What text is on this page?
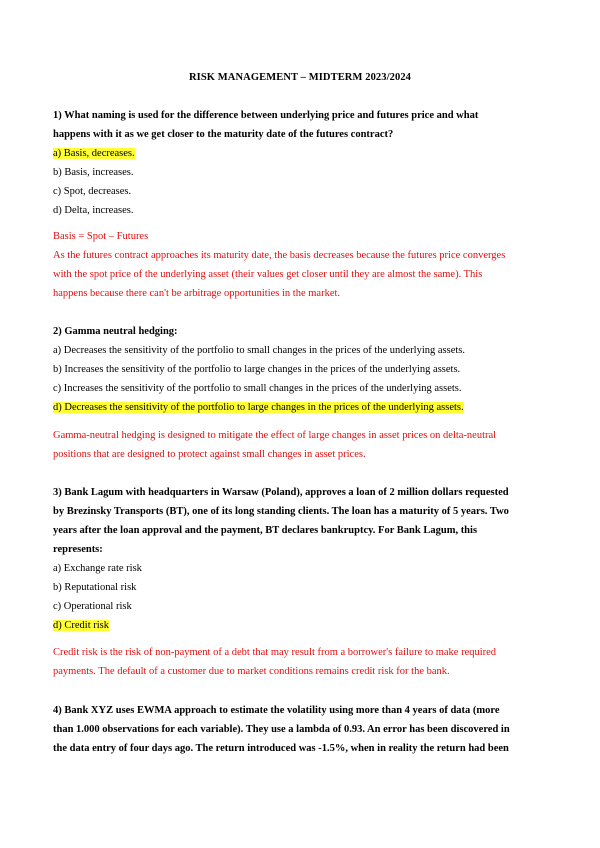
RISK MANAGEMENT – MIDTERM 2023/2024
1) What naming is used for the difference between underlying price and futures price and what
happens with it as we get closer to the maturity date of the futures contract?
a) Basis, decreases.
b) Basis, increases.
c) Spot, decreases.
d) Delta, increases.
Basis = Spot – Futures
As the futures contract approaches its maturity date, the basis decreases because the futures price converges
with the spot price of the underlying asset (their values get closer until they are almost the same). This
happens because there can't be arbitrage opportunities in the market.
2) Gamma neutral hedging:
a) Decreases the sensitivity of the portfolio to small changes in the prices of the underlying assets.
b) Increases the sensitivity of the portfolio to large changes in the prices of the underlying assets.
c) Increases the sensitivity of the portfolio to small changes in the prices of the underlying assets.
d) Decreases the sensitivity of the portfolio to large changes in the prices of the underlying assets.
Gamma-neutral hedging is designed to mitigate the effect of large changes in asset prices on delta-neutral
positions that are designed to protect against small changes in asset prices.
3) Bank Lagum with headquarters in Warsaw (Poland), approves a loan of 2 million dollars requested
by Brezinsky Transports (BT), one of its long standing clients. The loan has a maturity of 5 years. Two
years after the loan approval and the payment, BT declares bankruptcy. For Bank Lagum, this
represents:
a) Exchange rate risk
b) Reputational risk
c) Operational risk
d) Credit risk
Credit risk is the risk of non-payment of a debt that may result from a borrower's failure to make required
payments. The default of a customer due to market conditions remains credit risk for the bank.
4) Bank XYZ uses EWMA approach to estimate the volatility using more than 4 years of data (more
than 1.000 observations for each variable). They use a lambda of 0.93. An error has been discovered in
the data entry of four days ago. The return introduced was -1.5%, when in reality the return had been
